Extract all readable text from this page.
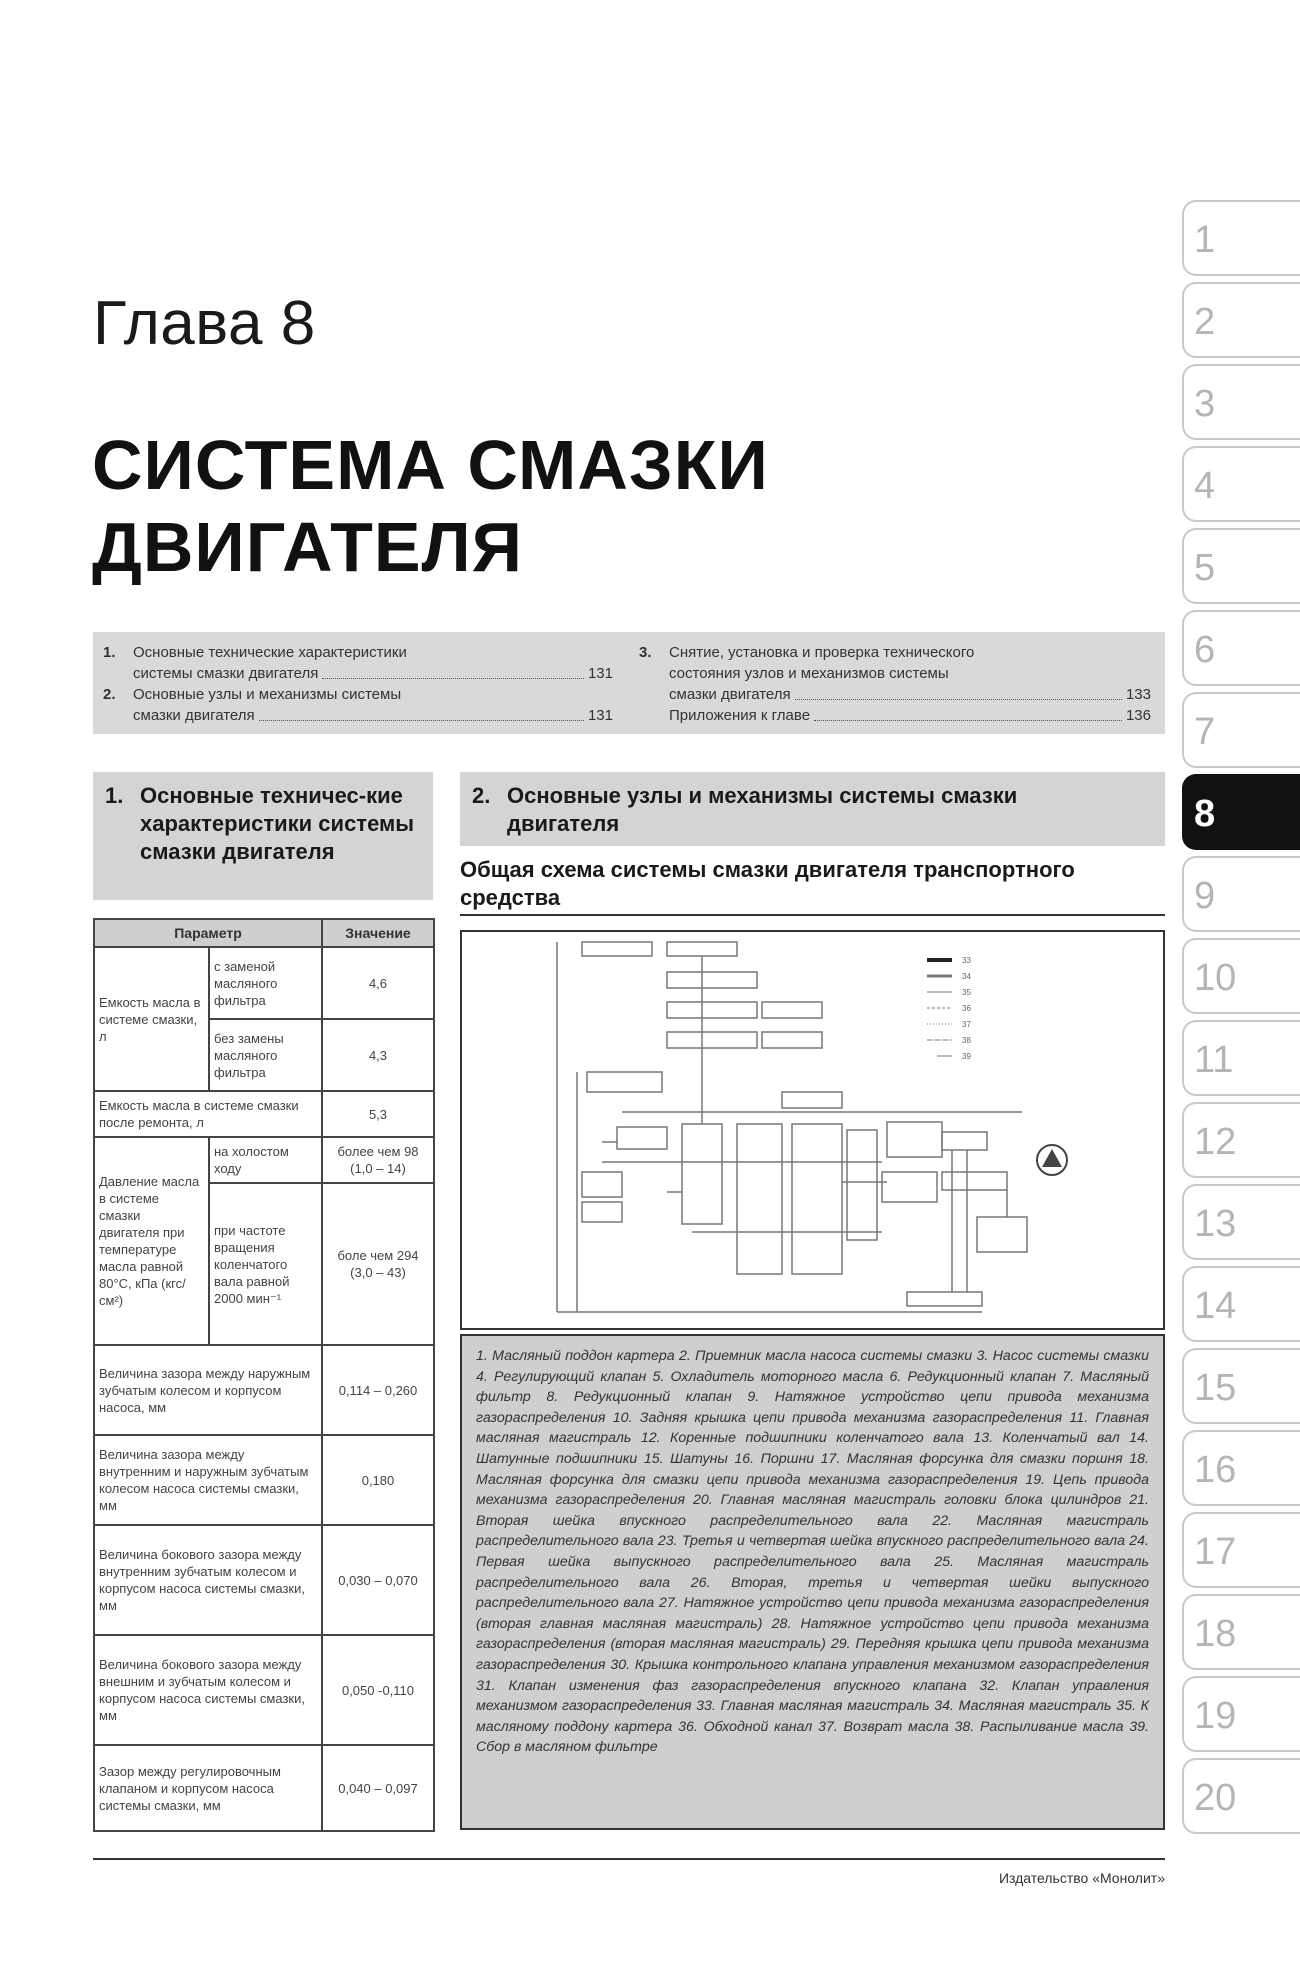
Глава 8
СИСТЕМА СМАЗКИ
ДВИГАТЕЛЯ
1.	Основные технические характеристики
системы смазки двигателя	131
2.	Основные узлы и механизмы системы
смазки двигателя	131
3.	Снятие, установка и проверка технического
состояния узлов и механизмов системы
смазки двигателя	133
Приложения к главе	136
1
2
3
4
5
6
7
8
9
10
11
12
13
14
15
16
17
18
19
20
1. Основные техничес-кие характеристики системы смазки двигателя
2. Основные узлы и механизмы системы смазки двигателя
Общая схема системы смазки двигателя транспортного средства
Параметр		Значение
Емкость масла в системе смазки, л	с заменой масляного фильтра	4,6
	без замены масляного фильтра	4,3
Емкость масла в системе смазки после ремонта, л		5,3
Давление масла в системе смазки двигателя при температуре масла равной 80°С, кПа (кгс/см²)	на холостом ходу	более чем 98 (1,0 – 14)
	при частоте вращения коленчатого вала равной 2000 мин⁻¹	боле чем 294 (3,0 – 43)
Величина зазора между наружным зубчатым колесом и корпусом насоса, мм		0,114 – 0,260
Величина зазора между внутренним и наружным зубчатым колесом насоса системы смазки, мм		0,180
Величина бокового зазора между внутренним зубчатым колесом и корпусом насоса системы смазки, мм		0,030 – 0,070
Величина бокового зазора между внешним и зубчатым колесом и корпусом насоса системы смазки, мм		0,050 -0,110
Зазор между регулировочным клапаном и корпусом насоса системы смазки, мм		0,040 – 0,097
33
34
35
36
37
38
39
1. Масляный поддон картера 2. Приемник масла насоса системы смазки 3. Насос системы смазки 4. Регулирующий клапан 5. Охладитель моторного масла 6. Редукционный клапан 7. Масляный фильтр 8. Редукционный клапан 9. Натяжное устройство цепи привода механизма газораспределения 10. Задняя крышка цепи привода механизма газораспределения 11. Главная масляная магистраль 12. Коренные подшипники коленчатого вала 13. Коленчатый вал 14. Шатунные подшипники 15. Шатуны 16. Поршни 17. Масляная форсунка для смазки поршня 18. Масляная форсунка для смазки цепи привода механизма газораспределения 19. Цепь привода механизма газораспределения 20. Главная масляная магистраль головки блока цилиндров 21. Вторая шейка впускного распределительного вала 22. Масляная магистраль распределительного вала 23. Третья и четвертая шейка впускного распределительного вала 24. Первая шейка выпускного распределительного вала 25. Масляная магистраль распределительного вала 26. Вторая, третья и четвертая шейки выпускного распределительного вала 27. Натяжное устройство цепи привода механизма газораспределения (вторая главная масляная магистраль) 28. Натяжное устройство цепи привода механизма газораспределения (вторая масляная магистраль) 29. Передняя крышка цепи привода механизма газораспределения 30. Крышка контрольного клапана управления механизмом газораспределения 31. Клапан изменения фаз газораспределения впускного клапана 32. Клапан управления механизмом газораспределения 33. Главная масляная магистраль 34. Масляная магистраль 35. К масляному поддону картера 36. Обходной канал 37. Возврат масла 38. Распыливание масла 39. Сбор в масляном фильтре
Издательство «Монолит»
